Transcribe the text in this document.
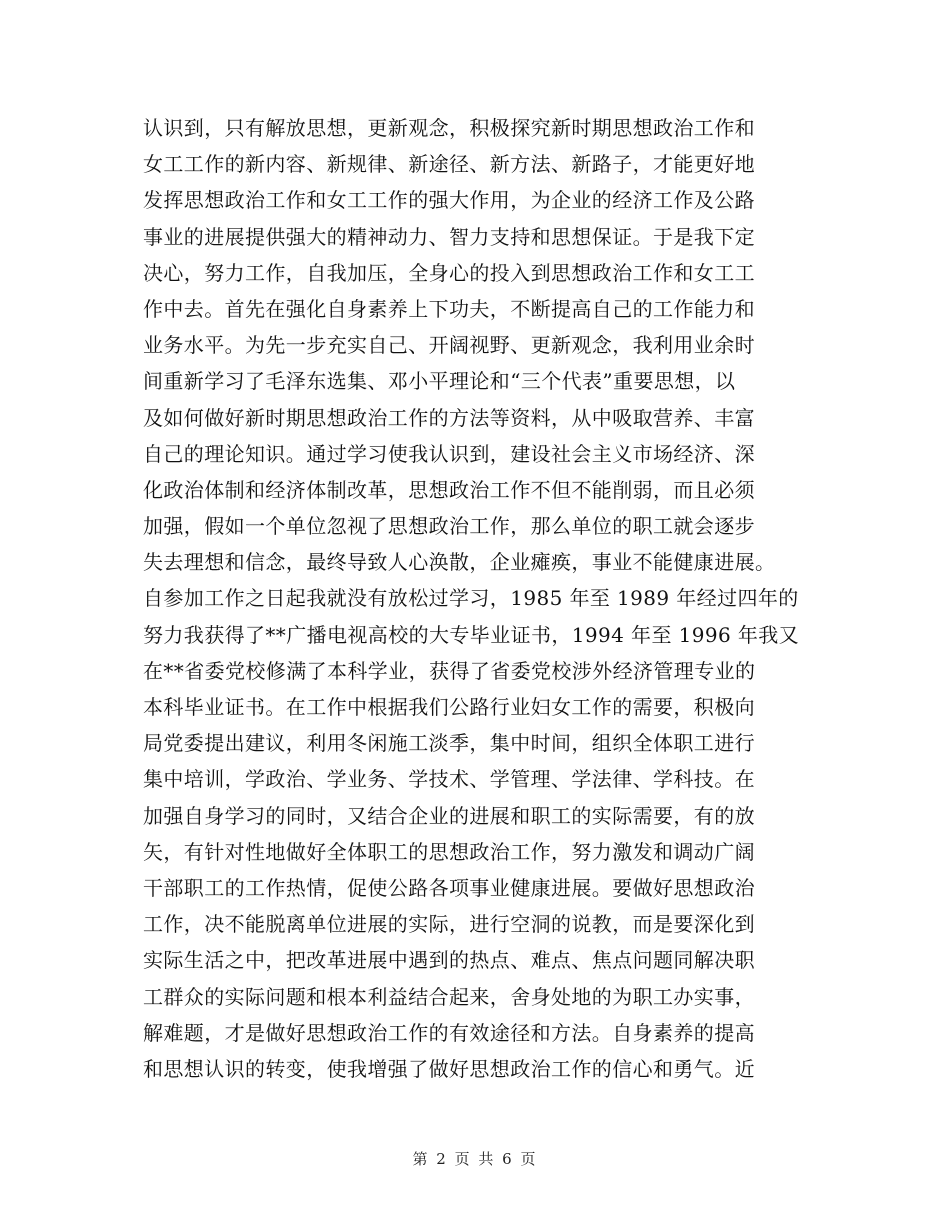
认识到，只有解放思想，更新观念，积极探究新时期思想政治工作和
女工工作的新内容、新规律、新途径、新方法、新路子，才能更好地
发挥思想政治工作和女工工作的强大作用，为企业的经济工作及公路
事业的进展提供强大的精神动力、智力支持和思想保证。于是我下定
决心，努力工作，自我加压，全身心的投入到思想政治工作和女工工
作中去。首先在强化自身素养上下功夫，不断提高自己的工作能力和
业务水平。为先一步充实自己、开阔视野、更新观念，我利用业余时
间重新学习了毛泽东选集、邓小平理论和“三个代表”重要思想，以
及如何做好新时期思想政治工作的方法等资料，从中吸取营养、丰富
自己的理论知识。通过学习使我认识到，建设社会主义市场经济、深
化政治体制和经济体制改革，思想政治工作不但不能削弱，而且必须
加强，假如一个单位忽视了思想政治工作，那么单位的职工就会逐步
失去理想和信念，最终导致人心涣散，企业瘫痪，事业不能健康进展。
自参加工作之日起我就没有放松过学习，1985 年至 1989 年经过四年的
努力我获得了**广播电视高校的大专毕业证书，1994 年至 1996 年我又
在**省委党校修满了本科学业，获得了省委党校涉外经济管理专业的
本科毕业证书。在工作中根据我们公路行业妇女工作的需要，积极向
局党委提出建议，利用冬闲施工淡季，集中时间，组织全体职工进行
集中培训，学政治、学业务、学技术、学管理、学法律、学科技。在
加强自身学习的同时，又结合企业的进展和职工的实际需要，有的放
矢，有针对性地做好全体职工的思想政治工作，努力激发和调动广阔
干部职工的工作热情，促使公路各项事业健康进展。要做好思想政治
工作，决不能脱离单位进展的实际，进行空洞的说教，而是要深化到
实际生活之中，把改革进展中遇到的热点、难点、焦点问题同解决职
工群众的实际问题和根本利益结合起来，舍身处地的为职工办实事，
解难题，才是做好思想政治工作的有效途径和方法。自身素养的提高
和思想认识的转变，使我增强了做好思想政治工作的信心和勇气。近
第 2 页 共 6 页
